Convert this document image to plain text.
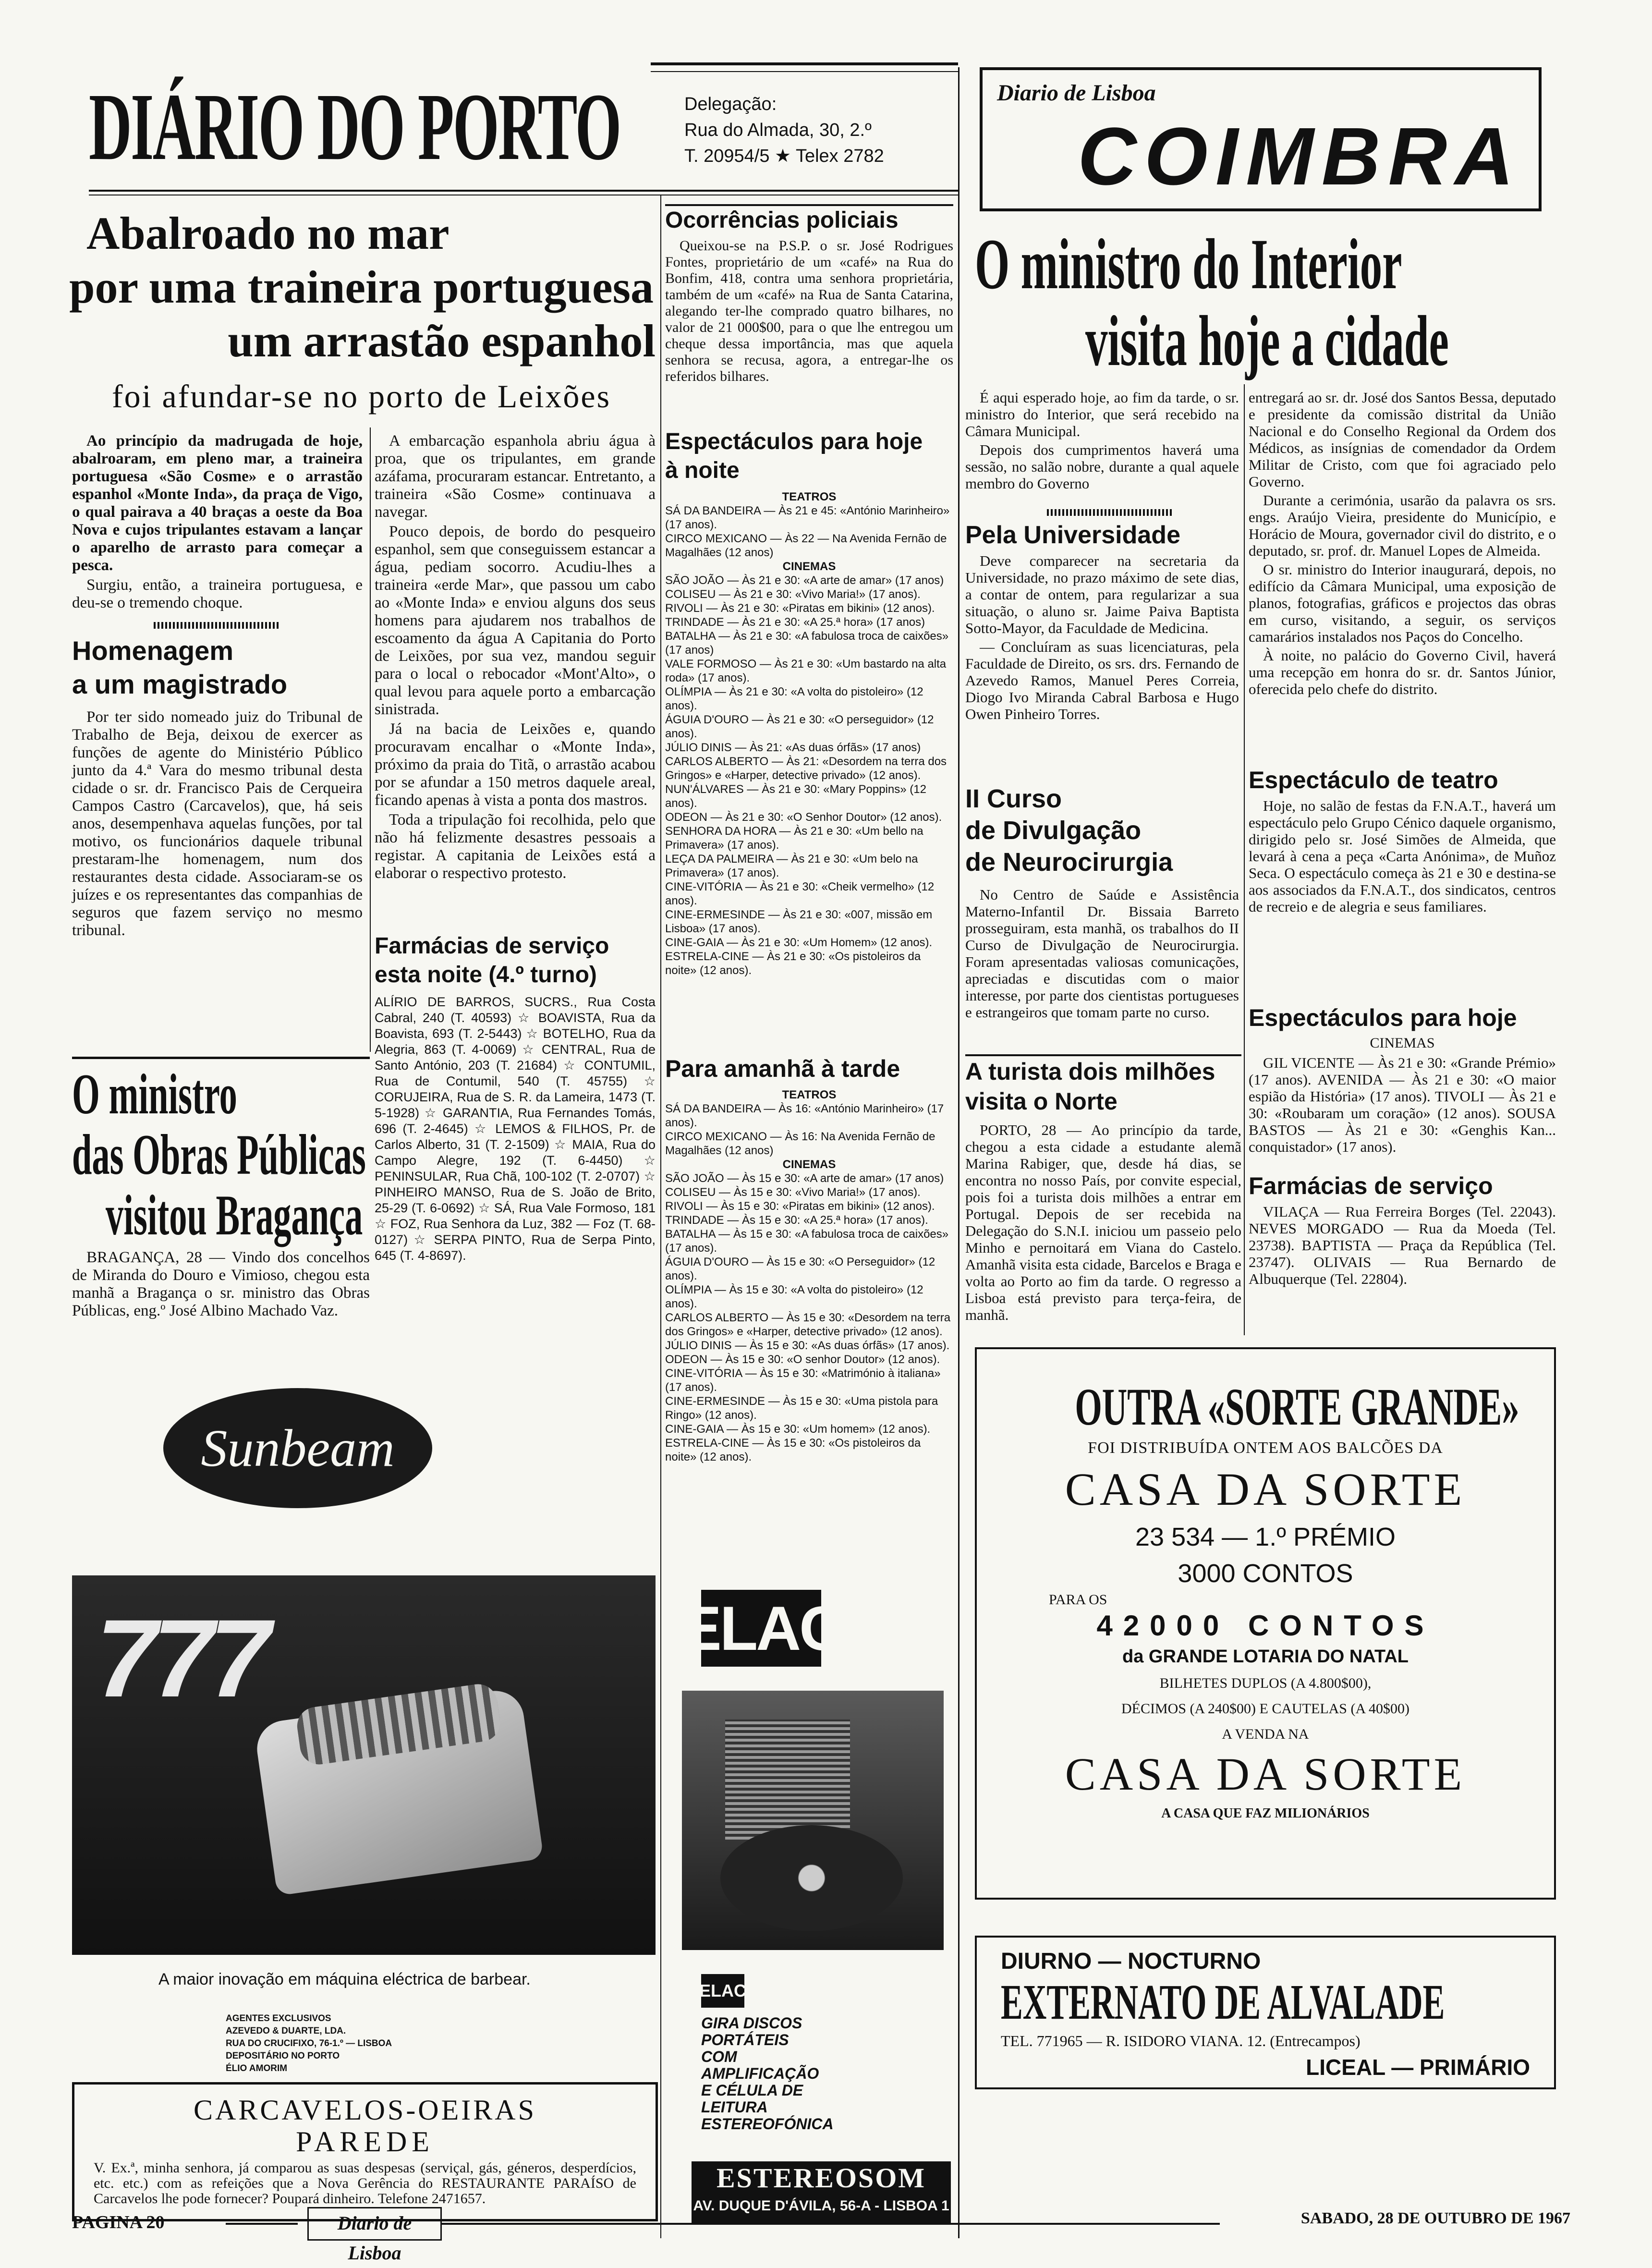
DIÁRIO DO PORTO	Delegação:
Rua do Almada, 30, 2.º
T. 20954/5 ★ Telex 2782
Abalroado no mar
por uma traineira portuguesa
um arrastão espanhol
foi afundar-se no porto de Leixões

Ao princípio da madrugada de hoje, abalroaram, em pleno mar, a traineira portuguesa «São Cosme» e o arrastão espanhol «Monte Inda», da praça de Vigo, o qual pairava a 40 braças a oeste da Boa Nova e cujos tripulantes estavam a lançar o aparelho de arrasto para começar a pesca.

Surgiu, então, a traineira portuguesa, e deu-se o tremendo choque.

A embarcação espanhola abriu água à proa, que os tripulantes, em grande azáfama, procuraram estancar. Entretanto, a traineira «São Cosme» continuava a navegar.

Pouco depois, de bordo do pesqueiro espanhol, sem que conseguissem estancar a água, pediam socorro. Acudiu-lhes a traineira «erde Mar», que passou um cabo ao «Monte Inda» e enviou alguns dos seus homens para ajudarem nos trabalhos de escoamento da água A Capitania do Porto de Leixões, por sua vez, mandou seguir para o local o rebocador «Mont'Alto», o qual levou para aquele porto a embarcação sinistrada.

Já na bacia de Leixões e, quando procuravam encalhar o «Monte Inda», próximo da praia do Titã, o arrastão acabou por se afundar a 150 metros daquele areal, ficando apenas à vista a ponta dos mastros.

Toda a tripulação foi recolhida, pelo que não há felizmente desastres pessoais a registar. A capitania de Leixões está a elaborar o respectivo protesto.

Homenagem
a um magistrado

Por ter sido nomeado juiz do Tribunal de Trabalho de Beja, deixou de exercer as funções de agente do Ministério Público junto da 4.ª Vara do mesmo tribunal desta cidade o sr. dr. Francisco Pais de Cerqueira Campos Castro (Carcavelos), que, há seis anos, desempenhava aquelas funções, por tal motivo, os funcionários daquele tribunal prestaram-lhe homenagem, num dos restaurantes desta cidade. Associaram-se os juízes e os representantes das companhias de seguros que fazem serviço no mesmo tribunal.

Farmácias de serviço
esta noite (4.º turno)
ALÍRIO DE BARROS, SUCRS., Rua Costa Cabral, 240 (T. 40593) ☆ BOAVISTA, Rua da Boavista, 693 (T. 2-5443) ☆ BOTELHO, Rua da Alegria, 863 (T. 4-0069) ☆ CENTRAL, Rua de Santo António, 203 (T. 21684) ☆ CONTUMIL, Rua de Contumil, 540 (T. 45755) ☆ CORUJEIRA, Rua de S. R. da Lameira, 1473 (T. 5-1928) ☆ GARANTIA, Rua Fernandes Tomás, 696 (T. 2-4645) ☆ LEMOS & FILHOS, Pr. de Carlos Alberto, 31 (T. 2-1509) ☆ MAIA, Rua do Campo Alegre, 192 (T. 6-4450) ☆ PENINSULAR, Rua Chã, 100-102 (T. 2-0707) ☆ PINHEIRO MANSO, Rua de S. João de Brito, 25-29 (T. 6-0692) ☆ SÁ, Rua Vale Formoso, 181 ☆ FOZ, Rua Senhora da Luz, 382 — Foz (T. 68-0127) ☆ SERPA PINTO, Rua de Serpa Pinto, 645 (T. 4-8697).
O ministro
das Obras Públicas
visitou Bragança

BRAGANÇA, 28 — Vindo dos concelhos de Miranda do Douro e Vimioso, chegou esta manhã a Bragança o sr. ministro das Obras Públicas, eng.º José Albino Machado Vaz.

Sunbeam
777
A maior inovação em máquina eléctrica de barbear.
AGENTES EXCLUSIVOS
AZEVEDO & DUARTE, LDA.
RUA DO CRUCIFIXO, 76-1.º — LISBOA
DEPOSITÁRIO NO PORTO
ÉLIO AMORIM
CARCAVELOS-OEIRAS
PAREDE
V. Ex.ª, minha senhora, já comparou as suas despesas (serviçal, gás, géneros, desperdícios, etc. etc.) com as refeições que a Nova Gerência do RESTAURANTE PARAÍSO de Carcavelos lhe pode fornecer? Poupará dinheiro. Telefone 2471657.
Ocorrências policiais

Queixou-se na P.S.P. o sr. José Rodrigues Fontes, proprietário de um «café» na Rua do Bonfim, 418, contra uma senhora proprietária, também de um «café» na Rua de Santa Catarina, alegando ter-lhe comprado quatro bilhares, no valor de 21 000$00, para o que lhe entregou um cheque dessa importância, mas que aquela senhora se recusa, agora, a entregar-lhe os referidos bilhares.

Espectáculos para hoje
à noite
TEATROS
SÁ DA BANDEIRA — Às 21 e 45: «António Marinheiro» (17 anos).
CIRCO MEXICANO — Às 22 — Na Avenida Fernão de Magalhães (12 anos)
CINEMAS
SÃO JOÃO — Às 21 e 30: «A arte de amar» (17 anos)
COLISEU — Às 21 e 30: «Vivo Maria!» (17 anos).
RIVOLI — Às 21 e 30: «Piratas em bikini» (12 anos).
TRINDADE — Às 21 e 30: «A 25.ª hora» (17 anos)
BATALHA — Às 21 e 30: «A fabulosa troca de caixões» (17 anos)
VALE FORMOSO — Às 21 e 30: «Um bastardo na alta roda» (17 anos).
OLÍMPIA — Às 21 e 30: «A volta do pistoleiro» (12 anos).
ÁGUIA D'OURO — Às 21 e 30: «O perseguidor» (12 anos).
JÚLIO DINIS — Às 21: «As duas órfãs» (17 anos)
CARLOS ALBERTO — Às 21: «Desordem na terra dos Gringos» e «Harper, detective privado» (12 anos).
NUN'ÁLVARES — Às 21 e 30: «Mary Poppins» (12 anos).
ODEON — Às 21 e 30: «O Senhor Doutor» (12 anos).
SENHORA DA HORA — Às 21 e 30: «Um bello na Primavera» (17 anos).
LEÇA DA PALMEIRA — Às 21 e 30: «Um belo na Primavera» (17 anos).
CINE-VITÓRIA — Às 21 e 30: «Cheik vermelho» (12 anos).
CINE-ERMESINDE — Às 21 e 30: «007, missão em Lisboa» (17 anos).
CINE-GAIA — Às 21 e 30: «Um Homem» (12 anos).
ESTRELA-CINE — Às 21 e 30: «Os pistoleiros da noite» (12 anos).
Para amanhã à tarde
TEATROS
SÁ DA BANDEIRA — Às 16: «António Marinheiro» (17 anos).
CIRCO MEXICANO — Às 16: Na Avenida Fernão de Magalhães (12 anos)
CINEMAS
SÃO JOÃO — Às 15 e 30: «A arte de amar» (17 anos)
COLISEU — Às 15 e 30: «Vivo Maria!» (17 anos).
RIVOLI — Às 15 e 30: «Piratas em bikini» (12 anos).
TRINDADE — Às 15 e 30: «A 25.ª hora» (17 anos).
BATALHA — Às 15 e 30: «A fabulosa troca de caixões» (17 anos).
ÁGUIA D'OURO — Às 15 e 30: «O Perseguidor» (12 anos).
OLÍMPIA — Às 15 e 30: «A volta do pistoleiro» (12 anos).
CARLOS ALBERTO — Às 15 e 30: «Desordem na terra dos Gringos» e «Harper, detective privado» (12 anos).
JÚLIO DINIS — Às 15 e 30: «As duas órfãs» (17 anos).
ODEON — Às 15 e 30: «O senhor Doutor» (12 anos).
CINE-VITÓRIA — Às 15 e 30: «Matrimónio à italiana» (17 anos).
CINE-ERMESINDE — Às 15 e 30: «Uma pistola para Ringo» (12 anos).
CINE-GAIA — Às 15 e 30: «Um homem» (12 anos).
ESTRELA-CINE — Às 15 e 30: «Os pistoleiros da noite» (12 anos).
ELAC
ELAC
GIRA DISCOS
PORTÁTEIS
COM
AMPLIFICAÇÃO
E CÉLULA DE
LEITURA
ESTEREOFÓNICA
ESTEREOSOM
AV. DUQUE D'ÁVILA, 56-A - LISBOA 1
Diario de Lisboa
COIMBRA
O ministro do Interior
visita hoje a cidade

É aqui esperado hoje, ao fim da tarde, o sr. ministro do Interior, que será recebido na Câmara Municipal.

Depois dos cumprimentos haverá uma sessão, no salão nobre, durante a qual aquele membro do Governo

entregará ao sr. dr. José dos Santos Bessa, deputado e presidente da comissão distrital da União Nacional e do Conselho Regional da Ordem dos Médicos, as insígnias de comendador da Ordem Militar de Cristo, com que foi agraciado pelo Governo.

Durante a cerimónia, usarão da palavra os srs. engs. Araújo Vieira, presidente do Município, e Horácio de Moura, governador civil do distrito, e o deputado, sr. prof. dr. Manuel Lopes de Almeida.

O sr. ministro do Interior inaugurará, depois, no edifício da Câmara Municipal, uma exposição de planos, fotografias, gráficos e projectos das obras em curso, visitando, a seguir, os serviços camarários instalados nos Paços do Concelho.

À noite, no palácio do Governo Civil, haverá uma recepção em honra do sr. dr. Santos Júnior, oferecida pelo chefe do distrito.

Pela Universidade

Deve comparecer na secretaria da Universidade, no prazo máximo de sete dias, a contar de ontem, para regularizar a sua situação, o aluno sr. Jaime Paiva Baptista Sotto-Mayor, da Faculdade de Medicina.

— Concluíram as suas licenciaturas, pela Faculdade de Direito, os srs. drs. Fernando de Azevedo Ramos, Manuel Peres Correia, Diogo Ivo Miranda Cabral Barbosa e Hugo Owen Pinheiro Torres.

II Curso
de Divulgação
de Neurocirurgia

No Centro de Saúde e Assistência Materno-Infantil Dr. Bissaia Barreto prosseguiram, esta manhã, os trabalhos do II Curso de Divulgação de Neurocirurgia. Foram apresentadas valiosas comunicações, apreciadas e discutidas com o maior interesse, por parte dos cientistas portugueses e estrangeiros que tomam parte no curso.

A turista dois milhões
visita o Norte

PORTO, 28 — Ao princípio da tarde, chegou a esta cidade a estudante alemã Marina Rabiger, que, desde há dias, se encontra no nosso País, por convite especial, pois foi a turista dois milhões a entrar em Portugal. Depois de ser recebida na Delegação do S.N.I. iniciou um passeio pelo Minho e pernoitará em Viana do Castelo. Amanhã visita esta cidade, Barcelos e Braga e volta ao Porto ao fim da tarde. O regresso a Lisboa está previsto para terça-feira, de manhã.

Espectáculo de teatro

Hoje, no salão de festas da F.N.A.T., haverá um espectáculo pelo Grupo Cénico daquele organismo, dirigido pelo sr. José Simões de Almeida, que levará à cena a peça «Carta Anónima», de Muñoz Seca. O espectáculo começa às 21 e 30 e destina-se aos associados da F.N.A.T., dos sindicatos, centros de recreio e de alegria e seus familiares.

Espectáculos para hoje
CINEMAS

GIL VICENTE — Às 21 e 30: «Grande Prémio» (17 anos). AVENIDA — Às 21 e 30: «O maior espião da História» (17 anos). TIVOLI — Às 21 e 30: «Roubaram um coração» (12 anos). SOUSA BASTOS — Às 21 e 30: «Genghis Kan... conquistador» (17 anos).

Farmácias de serviço

VILAÇA — Rua Ferreira Borges (Tel. 22043). NEVES MORGADO — Rua da Moeda (Tel. 23738). BAPTISTA — Praça da República (Tel. 23747). OLIVAIS — Rua Bernardo de Albuquerque (Tel. 22804).

OUTRA «SORTE GRANDE»
FOI DISTRIBUÍDA ONTEM AOS BALCÕES DA
CASA DA SORTE
23 534 — 1.º PRÉMIO
3000 CONTOS
PARA OS
42000 CONTOS
da GRANDE LOTARIA DO NATAL
BILHETES DUPLOS (A 4.800$00),
DÉCIMOS (A 240$00) E CAUTELAS (A 40$00)
A VENDA NA
CASA DA SORTE
A CASA QUE FAZ MILIONÁRIOS
DIURNO — NOCTURNO
EXTERNATO DE ALVALADE
TEL. 771965 — R. ISIDORO VIANA. 12. (Entrecampos)
LICEAL — PRIMÁRIO
PAGINA 20	Diario de Lisboa
SABADO, 28 DE OUTUBRO DE 1967
